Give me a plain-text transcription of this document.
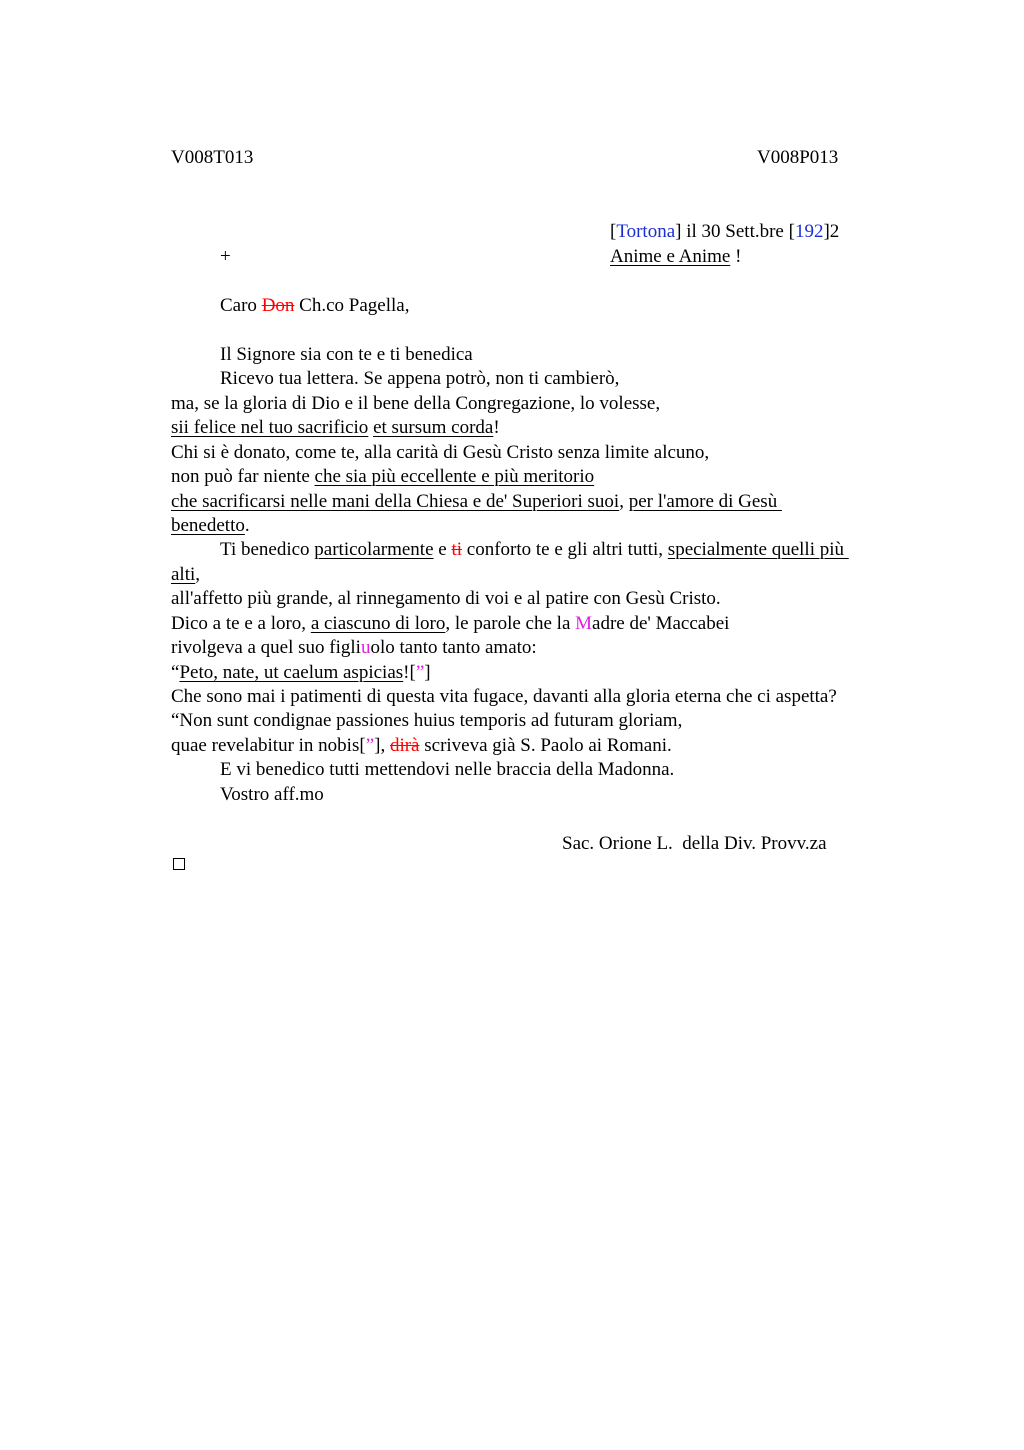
V008T013	V008P013
[Tortona] il 30 Sett.bre [192]2
+	Anime e Anime !
Caro Don Ch.co Pagella,
Il Signore sia con te e ti benedica
Ricevo tua lettera. Se appena potrò, non ti cambierò,
ma, se la gloria di Dio e il bene della Congregazione, lo volesse,
sii felice nel tuo sacrificio et sursum corda!
Chi si è donato, come te, alla carità di Gesù Cristo senza limite alcuno,
non può far niente che sia più eccellente e più meritorio
che sacrificarsi nelle mani della Chiesa e de' Superiori suoi, per l'amore di Gesù
benedetto.
Ti benedico particolarmente e ti conforto te e gli altri tutti, specialmente quelli più
alti,
all'affetto più grande, al rinnegamento di voi e al patire con Gesù Cristo.
Dico a te e a loro, a ciascuno di loro, le parole che la Madre de' Maccabei
rivolgeva a quel suo figliuolo tanto tanto amato:
“Peto, nate, ut caelum aspicias![”]
Che sono mai i patimenti di questa vita fugace, davanti alla gloria eterna che ci aspetta?
“Non sunt condignae passiones huius temporis ad futuram gloriam,
quae revelabitur in nobis[”], dirà scriveva già S. Paolo ai Romani.
E vi benedico tutti mettendovi nelle braccia della Madonna.
Vostro aff.mo
Sac. Orione L.  della Div. Provv.za
